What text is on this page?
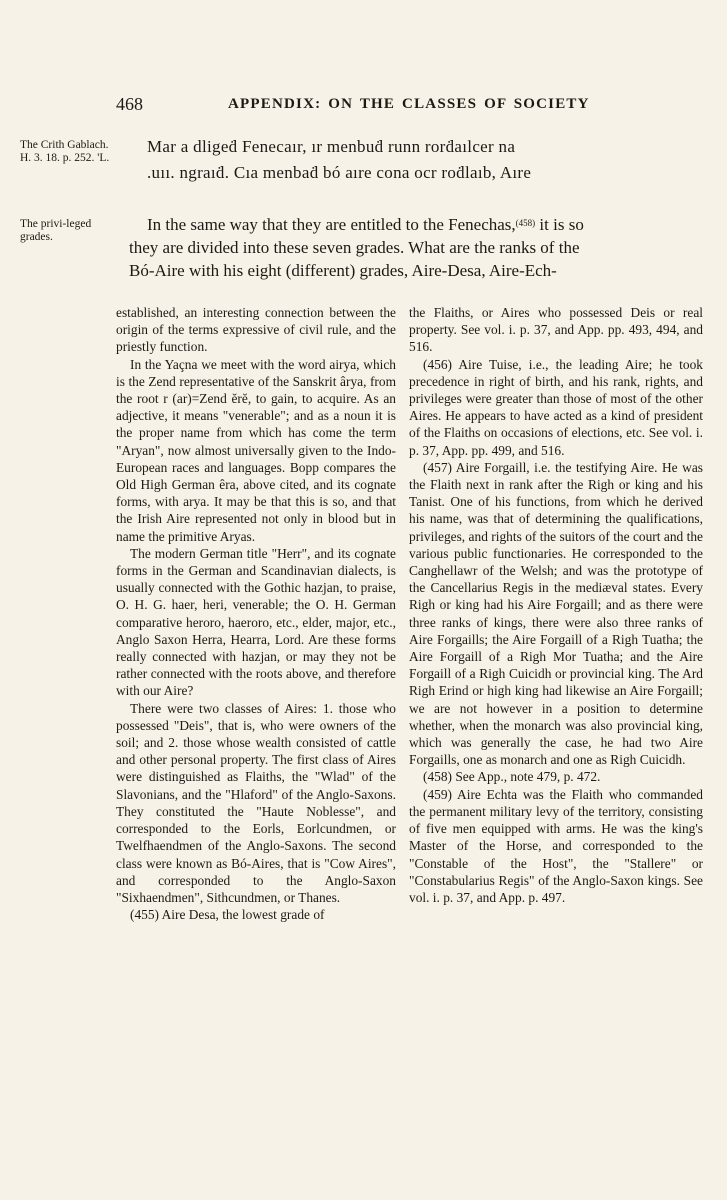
468	APPENDIX: ON THE CLASSES OF SOCIETY
The Crith Gablach. H. 3. 18. p. 252. 'L.
The privi-leged grades.
Mar a dligeḋ Fenecaır, ır menbuḋ runn rorḋaılcer na
.uıı. ngraıḋ. Cıa menbaḋ bó aıre cona ocr roḋlaıb, Aıre
In the same way that they are entitled to the Fenechas,$^{(458)}$ it is so
they are divided into these seven grades. What are the ranks of the
Bó-Aire with his eight (different) grades, Aire-Desa, Aire-Ech-

established, an interesting connection between the origin of the terms expressive of civil rule, and the priestly function.

In the Yaçna we meet with the word airya, which is the Zend representative of the Sanskrit ârya, from the root r (ar)=Zend ĕrĕ, to gain, to acquire. As an adjective, it means "venerable"; and as a noun it is the proper name from which has come the term "Aryan", now almost universally given to the Indo-European races and languages. Bopp compares the Old High German êra, above cited, and its cognate forms, with arya. It may be that this is so, and that the Irish Aire represented not only in blood but in name the primitive Aryas.

The modern German title "Herr", and its cognate forms in the German and Scandinavian dialects, is usually connected with the Gothic hazjan, to praise, O. H. G. haer, heri, venerable; the O. H. German comparative heroro, haeroro, etc., elder, major, etc., Anglo Saxon Herra, Hearra, Lord. Are these forms really connected with hazjan, or may they not be rather connected with the roots above, and therefore with our Aire?

There were two classes of Aires: 1. those who possessed "Deis", that is, who were owners of the soil; and 2. those whose wealth consisted of cattle and other personal property. The first class of Aires were distinguished as Flaiths, the "Wlad" of the Slavonians, and the "Hlaford" of the Anglo-Saxons. They constituted the "Haute Noblesse", and corresponded to the Eorls, Eorlcundmen, or Twelfhaendmen of the Anglo-Saxons. The second class were known as Bó-Aires, that is "Cow Aires", and corresponded to the Anglo-Saxon "Sixhaendmen", Sithcundmen, or Thanes.

(455) Aire Desa, the lowest grade of

the Flaiths, or Aires who possessed Deis or real property. See vol. i. p. 37, and App. pp. 493, 494, and 516.

(456) Aire Tuise, i.e., the leading Aire; he took precedence in right of birth, and his rank, rights, and privileges were greater than those of most of the other Aires. He appears to have acted as a kind of president of the Flaiths on occasions of elections, etc. See vol. i. p. 37, App. pp. 499, and 516.

(457) Aire Forgaill, i.e. the testifying Aire. He was the Flaith next in rank after the Righ or king and his Tanist. One of his functions, from which he derived his name, was that of determining the qualifications, privileges, and rights of the suitors of the court and the various public functionaries. He corresponded to the Canghellawr of the Welsh; and was the prototype of the Cancellarius Regis in the mediæval states. Every Righ or king had his Aire Forgaill; and as there were three ranks of kings, there were also three ranks of Aire Forgaills; the Aire Forgaill of a Righ Tuatha; the Aire Forgaill of a Righ Mor Tuatha; and the Aire Forgaill of a Righ Cuicidh or provincial king. The Ard Righ Erind or high king had likewise an Aire Forgaill; we are not however in a position to determine whether, when the monarch was also provincial king, which was generally the case, he had two Aire Forgaills, one as monarch and one as Righ Cuicidh.

(458) See App., note 479, p. 472.

(459) Aire Echta was the Flaith who commanded the permanent military levy of the territory, consisting of five men equipped with arms. He was the king's Master of the Horse, and corresponded to the "Constable of the Host", the "Stallere" or "Constabularius Regis" of the Anglo-Saxon kings. See vol. i. p. 37, and App. p. 497.
